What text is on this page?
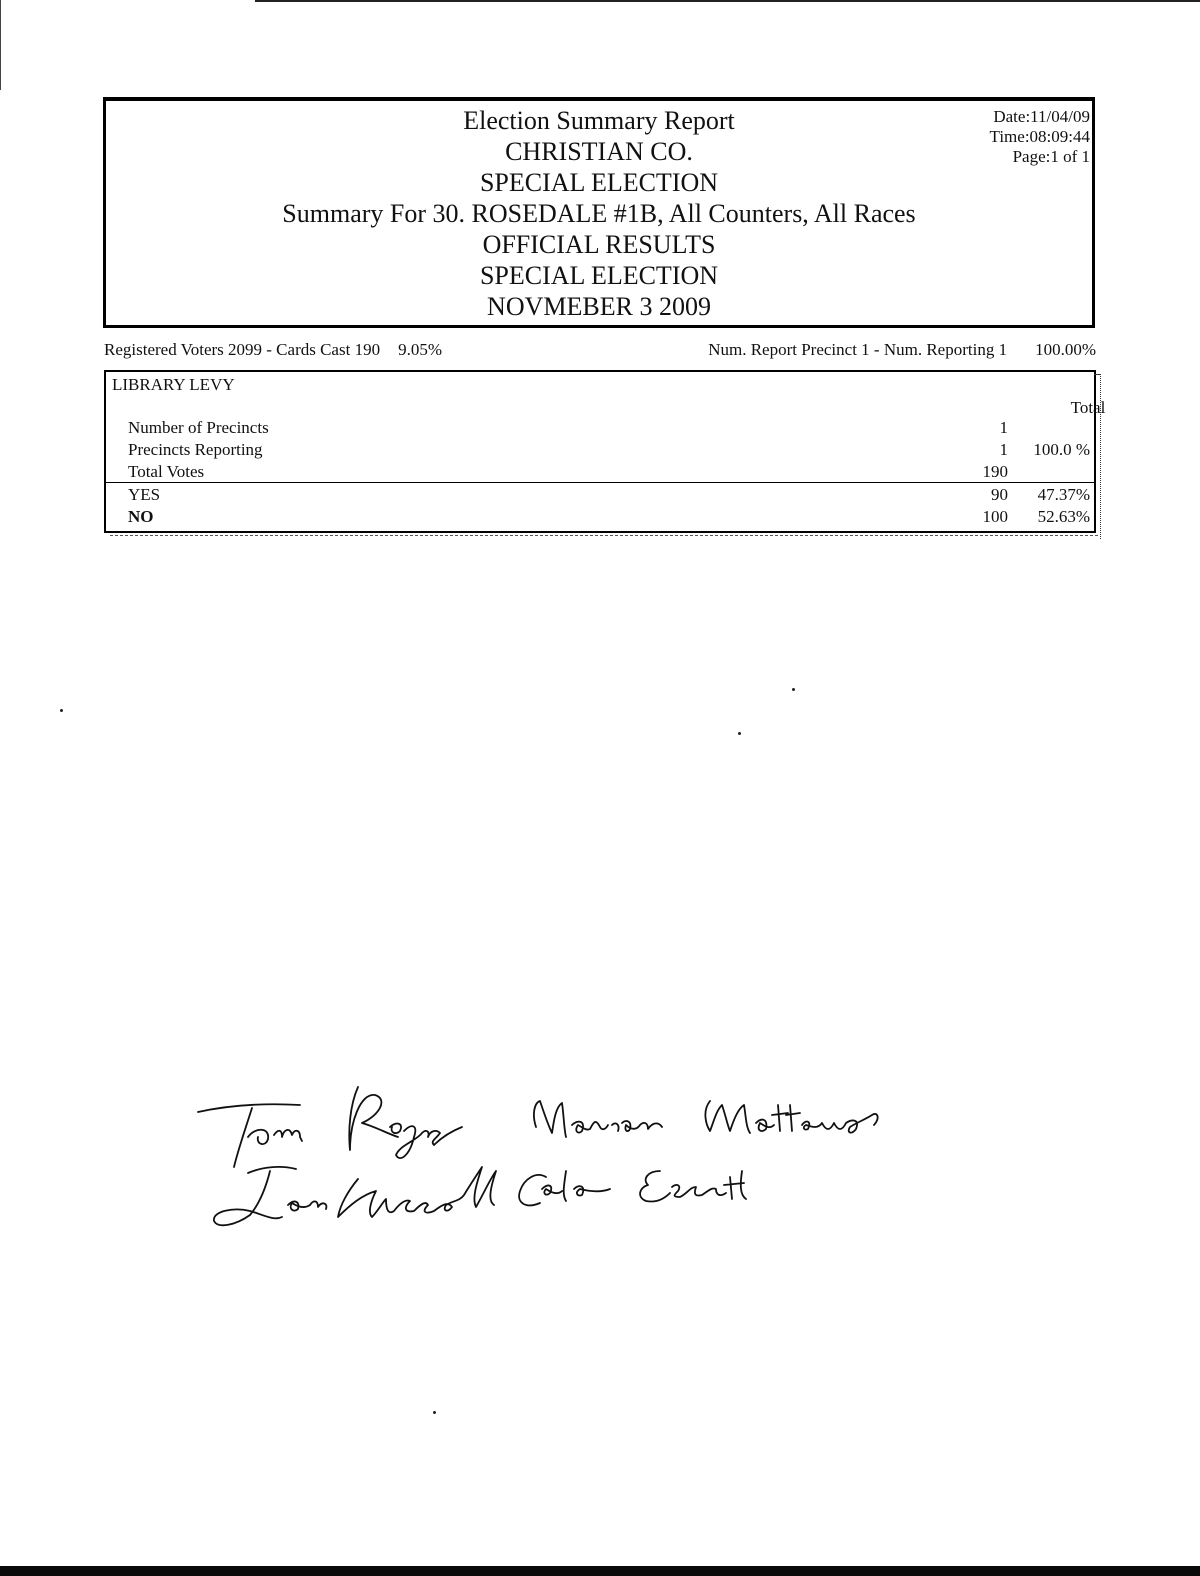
Election Summary Report
CHRISTIAN CO.
SPECIAL ELECTION
Summary For 30. ROSEDALE #1B, All Counters, All Races
OFFICIAL RESULTS
SPECIAL ELECTION
NOVMEBER 3 2009
Date:11/04/09
Time:08:09:44
Page:1 of 1
Registered Voters 2099 - Cards Cast 190 9.05%	Num. Report Precinct 1 - Num. Reporting 1 100.00%
LIBRARY LEVY
Total
Number of Precincts	1
Precincts Reporting	1 100.0 %
Total Votes	190
YES	90 47.37%
NO	100 52.63%
